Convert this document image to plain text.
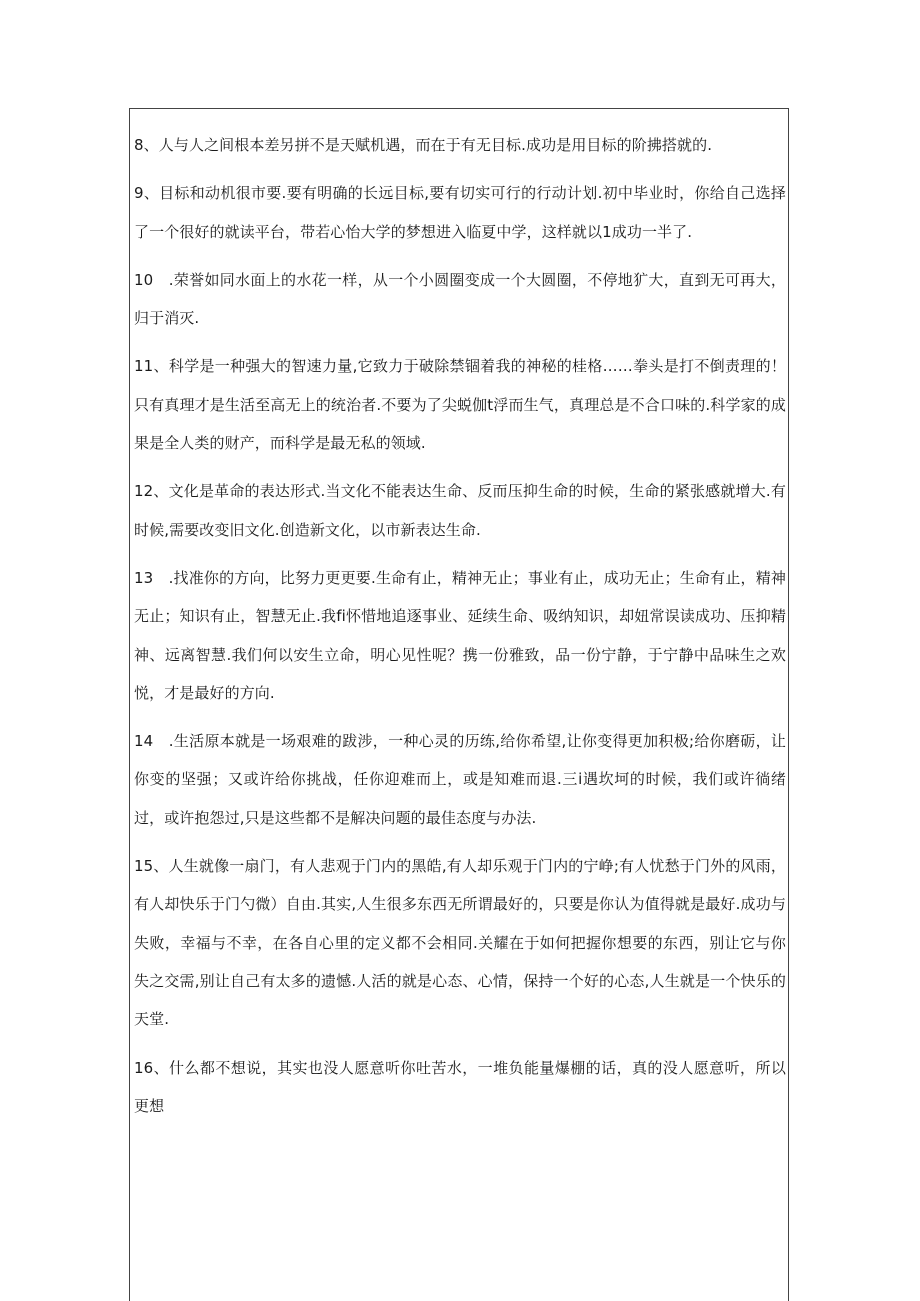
8、人与人之间根本差另拼不是天赋机遇，而在于有无目标.成功是用目标的阶拂搭就的.

9、目标和动机很市要.要有明确的长远目标,要有切实可行的行动计划.初中毕业时，你给自己选择了一个很好的就读平台，带若心怡大学的梦想进入临夏中学，这样就以1成功一半了.

10　.荣誉如同水面上的水花一样，从一个小圆圈变成一个大圆圈，不停地犷大，直到无可再大，归于消灭.

11、科学是一种强大的智速力量,它致力于破除禁锢着我的神秘的桂格……拳头是打不倒责理的！只有真理才是生活至高无上的统治者.不要为了尖蜕伽t浮而生气，真理总是不合口味的.科学家的成果是全人类的财产，而科学是最无私的领域.

12、文化是革命的表达形式.当文化不能表达生命、反而压抑生命的时候，生命的紧张感就增大.有时候,需要改变旧文化.创造新文化，以市新表达生命.

13　.找准你的方向，比努力更更要.生命有止，精神无止；事业有止，成功无止；生命有止，精神无止；知识有止，智慧无止.我fi怀惜地追逐事业、延续生命、吸纳知识，却妞常误读成功、压抑精神、远离智慧.我们何以安生立命，明心见性呢？携一份雅致，品一份宁静，于宁静中品味生之欢悦，才是最好的方向.

14　.生活原本就是一场艰难的跋涉，一种心灵的历练,给你希望,让你变得更加积极;给你磨砺，让你变的坚强；又或许给你挑战，任你迎难而上，或是知难而退.三i遇坎坷的时候，我们或许徜绪过，或许抱怨过,只是这些都不是解决问题的最佳态度与办法.

15、人生就像一扇门，有人悲观于门内的黑皓,有人却乐观于门内的宁峥;有人忧愁于门外的风雨，有人却快乐于门勺微）自由.其实,人生很多东西无所谓最好的，只要是你认为值得就是最好.成功与失败，幸福与不幸，在各自心里的定义都不会相同.关耀在于如何把握你想要的东西，别让它与你失之交需,别让自己有太多的遗憾.人活的就是心态、心情，保持一个好的心态,人生就是一个快乐的天堂.

16、什么都不想说，其实也没人愿意听你吐苦水，一堆负能量爆棚的话，真的没人愿意听，所以更想
